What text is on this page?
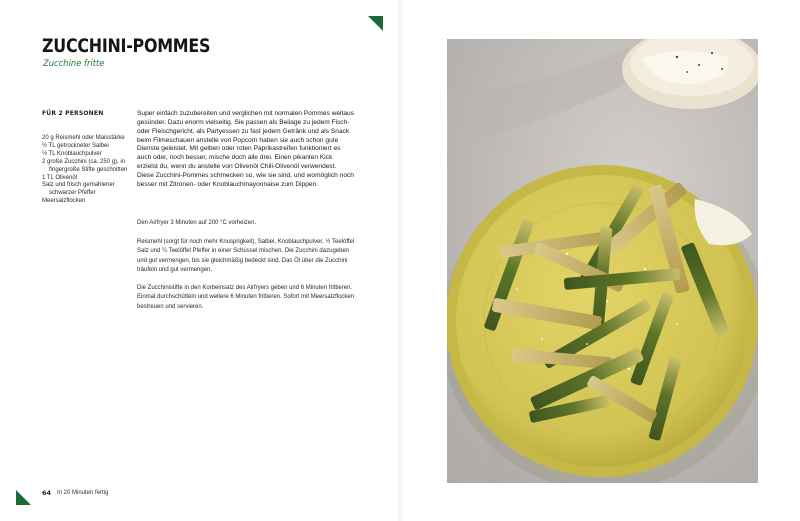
ZUCCHINI-POMMES
Zucchine fritte
FÜR 2 PERSONEN
20 g Reismehl oder Maisstärke
½ TL getrockneter Salbei
½ TL Knoblauchpulver
2 große Zucchini (ca. 250 g), in fingergroße Stifte geschnitten
1 TL Olivenöl
Salz und frisch gemahlener schwarzer Pfeffer
Meersalzflocken

Super einfach zuzubereiten und verglichen mit normalen Pommes weitaus gesünder. Dazu enorm vielseitig. Sie passen als Beilage zu jedem Fisch- oder Fleischgericht, als Partyessen zu fast jedem Getränk und als Snack beim Filmeschauen anstelle von Popcorn haben sie auch schon gute Dienste geleistet. Mit gelben oder roten Paprikastreifen funktioniert es auch oder, noch besser, mische doch alle drei. Einen pikanten Kick erzielst du, wenn du anstelle von Olivenöl Chili-Olivenöl verwendest. Diese Zucchini-Pommes schmecken so, wie sie sind, und womöglich noch besser mit Zitronen- oder Knoblauchmayonnaise zum Dippen.

Den Airfryer 3 Minuten auf 200 °C vorheizen.

Reismehl (sorgt für noch mehr Knusprigkeit), Salbei, Knoblauchpulver, ½ Teelöffel Salz und ¼ Teelöffel Pfeffer in einer Schüssel mischen. Die Zucchini dazugeben und gut vermengen, bis sie gleichmäßig bedeckt sind. Das Öl über die Zucchini träufeln und gut vermengen.

Die Zucchinistifte in den Korbeinsatz des Airfryers geben und 6 Minuten frittieren. Einmal durchschütteln und weitere 6 Minuten frittieren. Sofort mit Meersalzflocken bestreuen und servieren.

64 In 20 Minuten fertig
